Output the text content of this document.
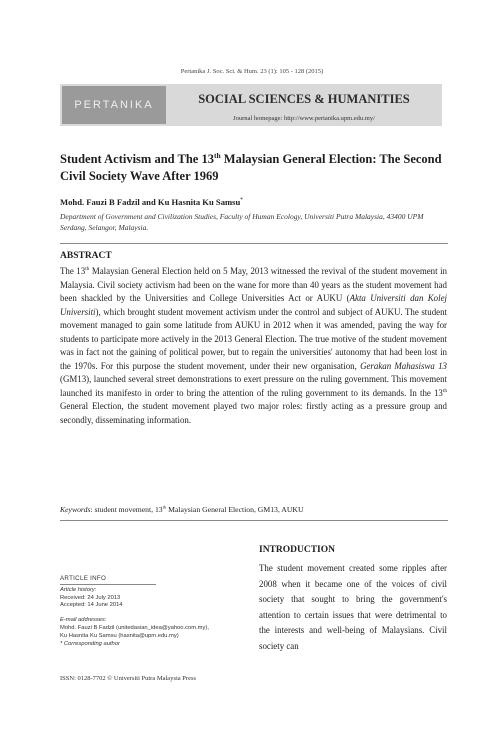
Pertanika J. Soc. Sci. & Hum. 23 (1): 105 - 128 (2015)
PERTANIKA	SOCIAL SCIENCES & HUMANITIES
Journal homepage: http://www.pertanika.upm.edu.my/
Student Activism and The 13th Malaysian General Election: The Second Civil Society Wave After 1969
Mohd. Fauzi B Fadzil and Ku Hasnita Ku Samsu*
Department of Government and Civilization Studies, Faculty of Human Ecology, Universiti Putra Malaysia, 43400 UPM Serdang, Selangor, Malaysia.
ABSTRACT
The 13th Malaysian General Election held on 5 May, 2013 witnessed the revival of the student movement in Malaysia. Civil society activism had been on the wane for more than 40 years as the student movement had been shackled by the Universities and College Universities Act or AUKU (Akta Universiti dan Kolej Universiti), which brought student movement activism under the control and subject of AUKU. The student movement managed to gain some latitude from AUKU in 2012 when it was amended, paving the way for students to participate more actively in the 2013 General Election. The true motive of the student movement was in fact not the gaining of political power, but to regain the universities' autonomy that had been lost in the 1970s. For this purpose the student movement, under their new organisation, Gerakan Mahasiswa 13 (GM13), launched several street demonstrations to exert pressure on the ruling government. This movement launched its manifesto in order to bring the attention of the ruling government to its demands. In the 13th General Election, the student movement played two major roles: firstly acting as a pressure group and secondly, disseminating information.
Keywords: student movement, 13th Malaysian General Election, GM13, AUKU
INTRODUCTION
The student movement created some ripples after 2008 when it became one of the voices of civil society that sought to bring the government's attention to certain issues that were detrimental to the interests and well-being of Malaysians. Civil society can
ARTICLE INFO
Article history:
Received: 24 July 2013
Accepted: 14 June 2014
E-mail addresses:
Mohd. Fauzi B Fadzil (unitedasian_idea@yahoo.com.my),
Ku Hasnita Ku Samsu (hasnita@upm.edu.my)
* Corresponding author
ISSN: 0128-7702 © Universiti Putra Malaysia Press
